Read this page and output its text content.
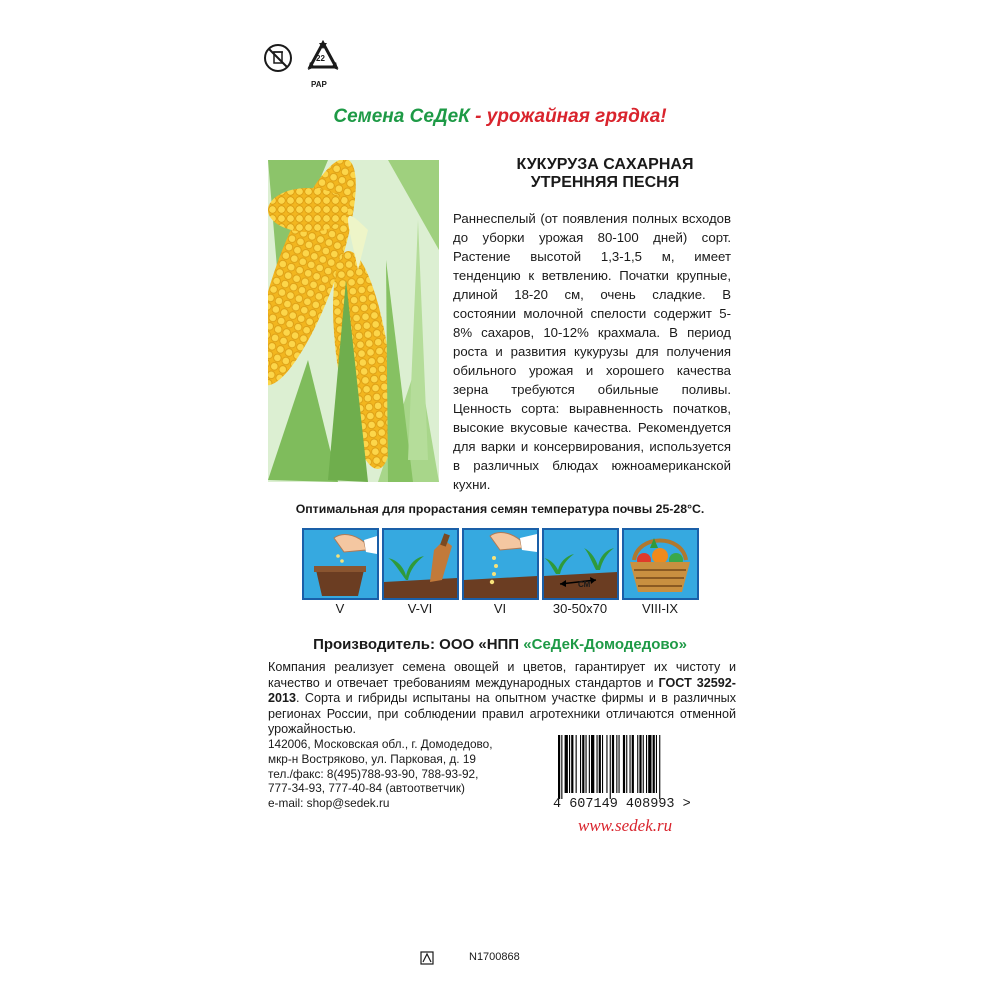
22
PAP
Семена СеДеК - урожайная грядка!
КУКУРУЗА САХАРНАЯ
УТРЕННЯЯ ПЕСНЯ
Раннеспелый (от появления полных всходов до уборки урожая 80-100 дней) сорт. Растение высотой 1,3-1,5 м, имеет тенденцию к ветвлению. Початки крупные, длиной 18-20 см, очень сладкие. В состоянии молочной спелости содержит 5-8% сахаров, 10-12% крахмала. В период роста и развития кукурузы для получения обильного урожая и хорошего качества зерна требуются обильные поливы. Ценность сорта: выравненность початков, высокие вкусовые качества. Рекомендуется для варки и консервирования, используется в различных блюдах южноамериканской кухни.
Оптимальная для прорастания семян температура почвы 25-28°С.
СМ
V	V-VI	VI	30-50x70	VIII-IX
Производитель: ООО «НПП «СеДеК-Домодедово»
Компания реализует семена овощей и цветов, гарантирует их чистоту и качество и отвечает требованиям международных стандартов и ГОСТ 32592-2013. Сорта и гибриды испытаны на опытном участке фирмы и в различных регионах России, при соблюдении правил агротехники отличаются отменной урожайностью.
142006, Московская обл., г. Домодедово,
мкр-н Востряково, ул. Парковая, д. 19
тел./факс: 8(495)788-93-90, 788-93-92,
777-34-93, 777-40-84 (автоответчик)
e-mail: shop@sedek.ru	4 607149 408993 >
www.sedek.ru
N1700868
